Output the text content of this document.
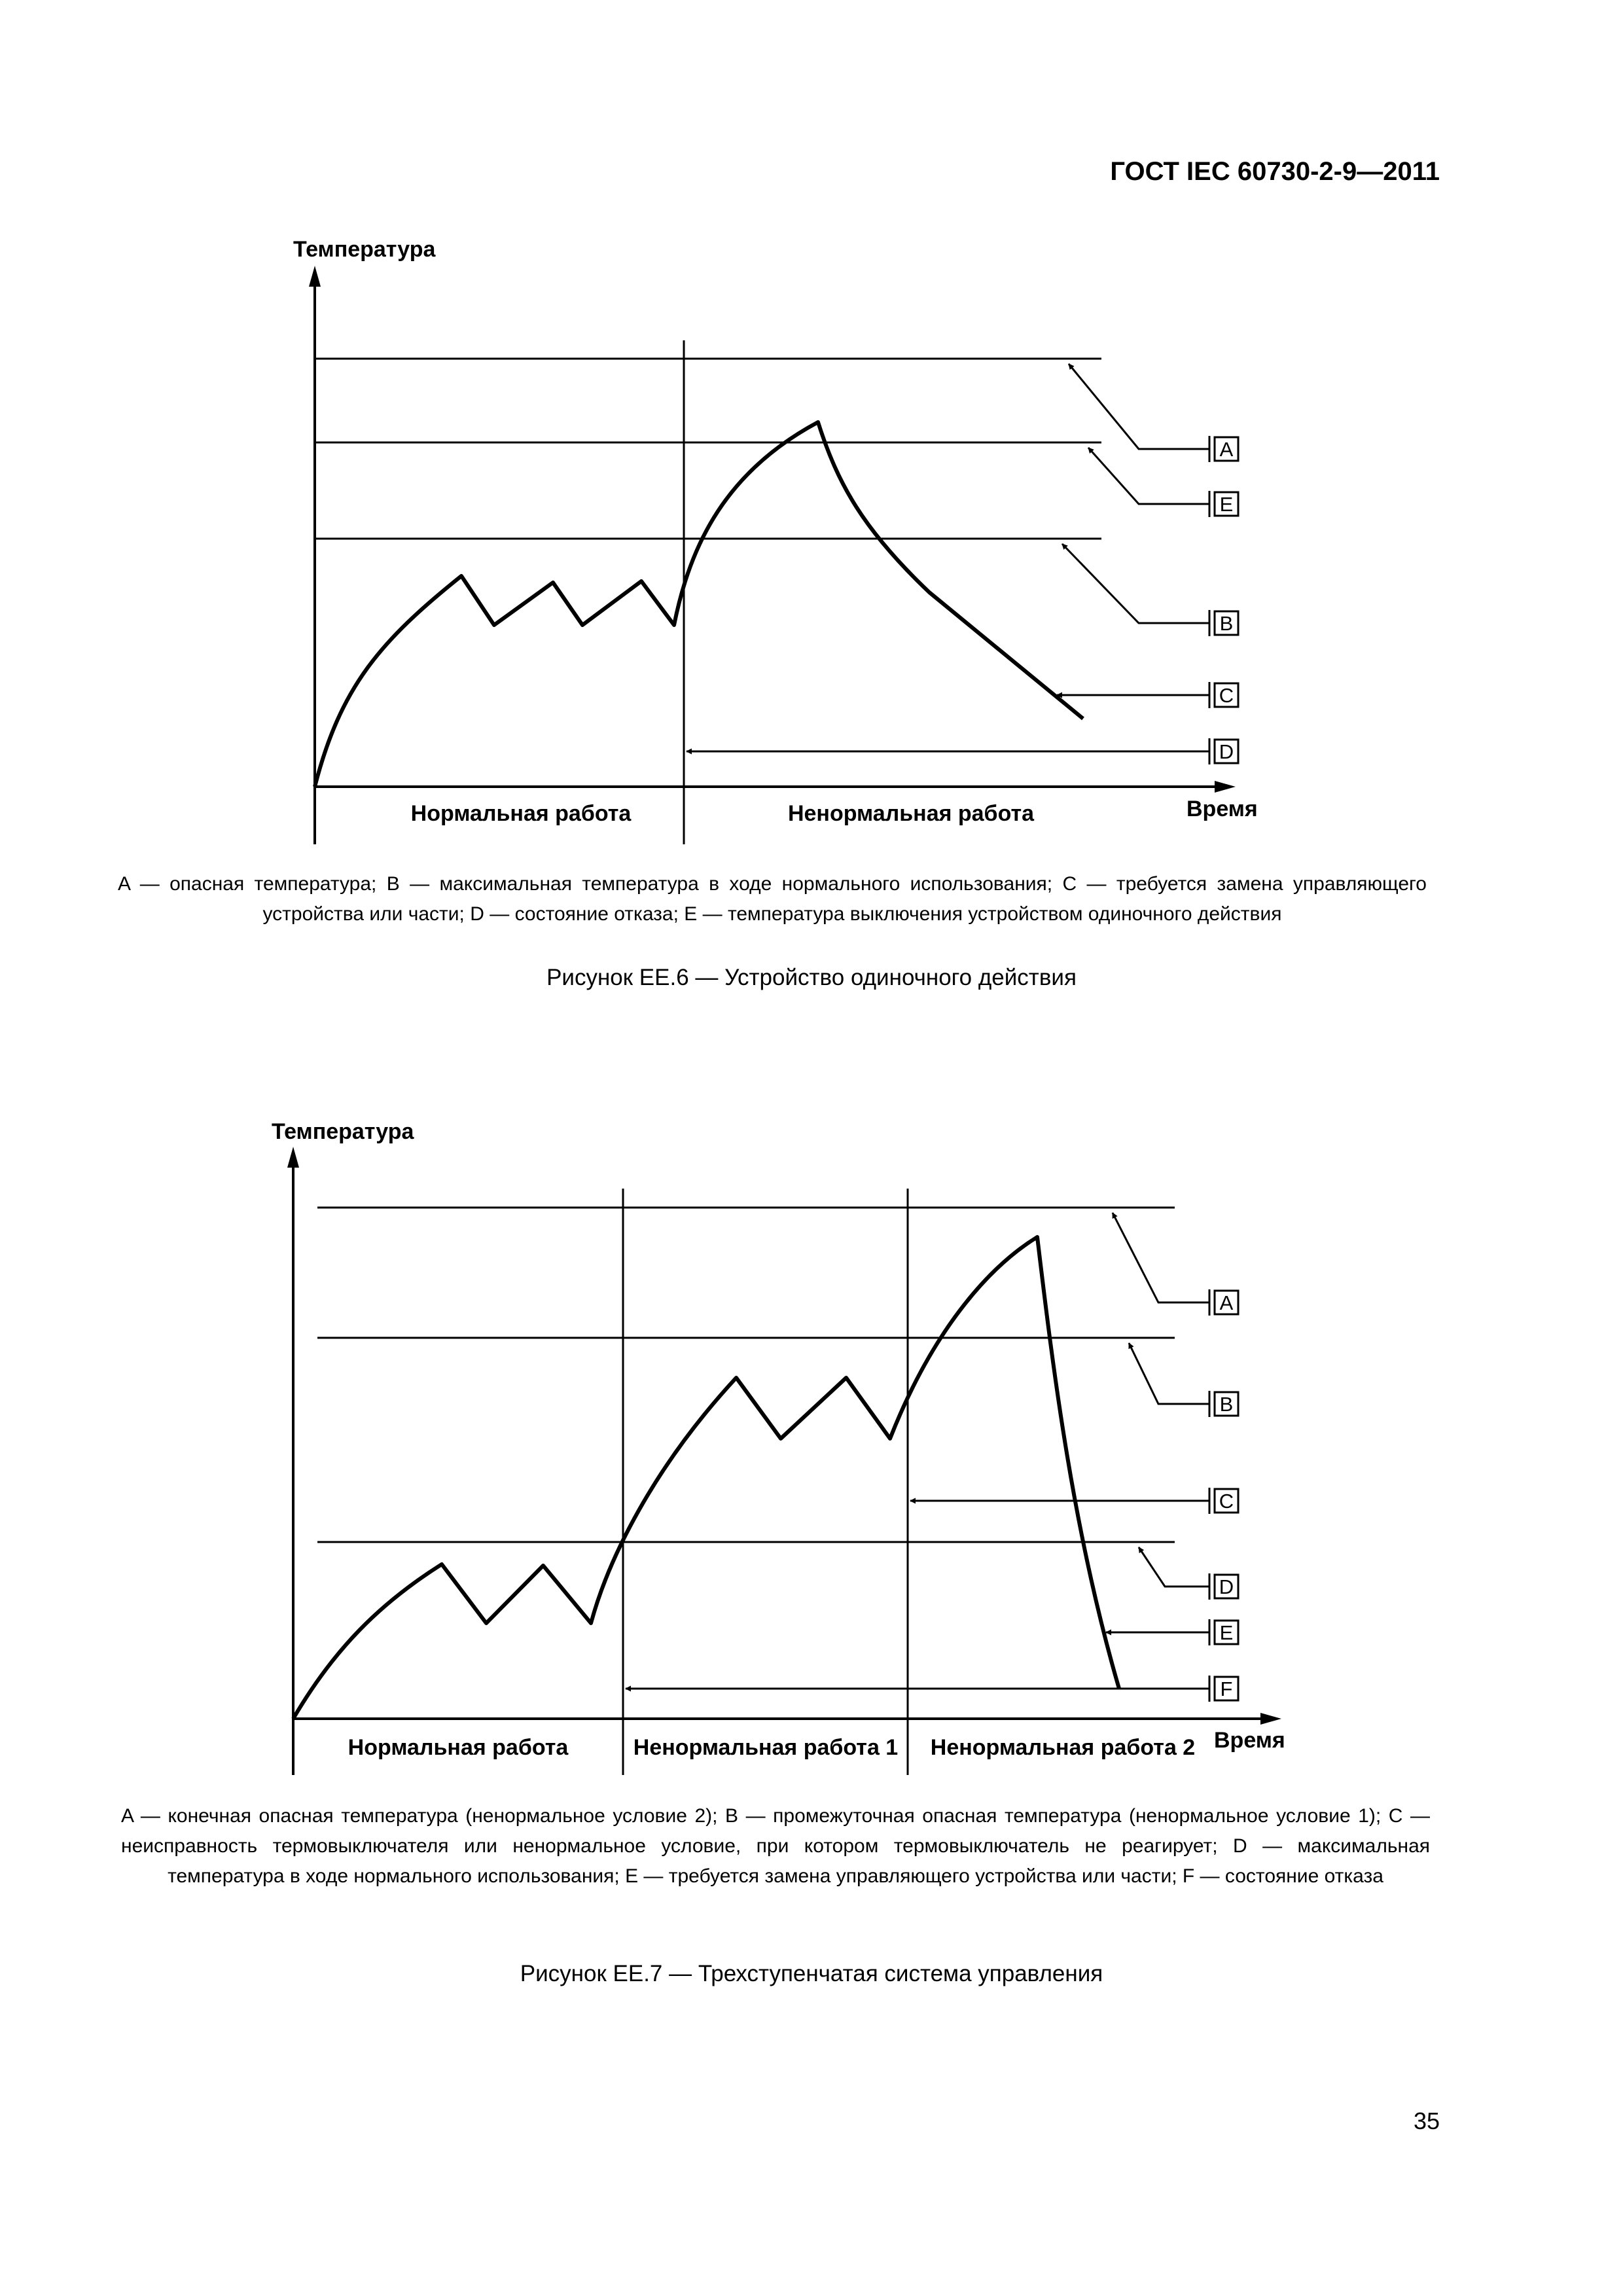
ГОСТ IEC 60730-2-9—2011
A
E
B
C
D
Температура
Время
Нормальная работа	Ненормальная работа
A — опасная температура; B — максимальная температура в ходе нормального использования; C — требуется замена управляющего устройства или части; D — состояние отказа; E — температура выключения устройством одиночного действия
Рисунок ЕЕ.6 — Устройство одиночного действия
A
B
C
D
E
F
Температура
Время
Нормальная работа	Ненормальная работа 1 Ненормальная работа 2
A — конечная опасная температура (ненормальное условие 2); B — промежуточная опасная температура (ненормальное условие 1); C — неисправность термовыключателя или ненормальное условие, при котором термовыключатель не реагирует; D — максимальная температура в ходе нормального использования; E — требуется замена управляющего устройства или части; F — состояние отказа
Рисунок ЕЕ.7 — Трехступенчатая система управления
35
